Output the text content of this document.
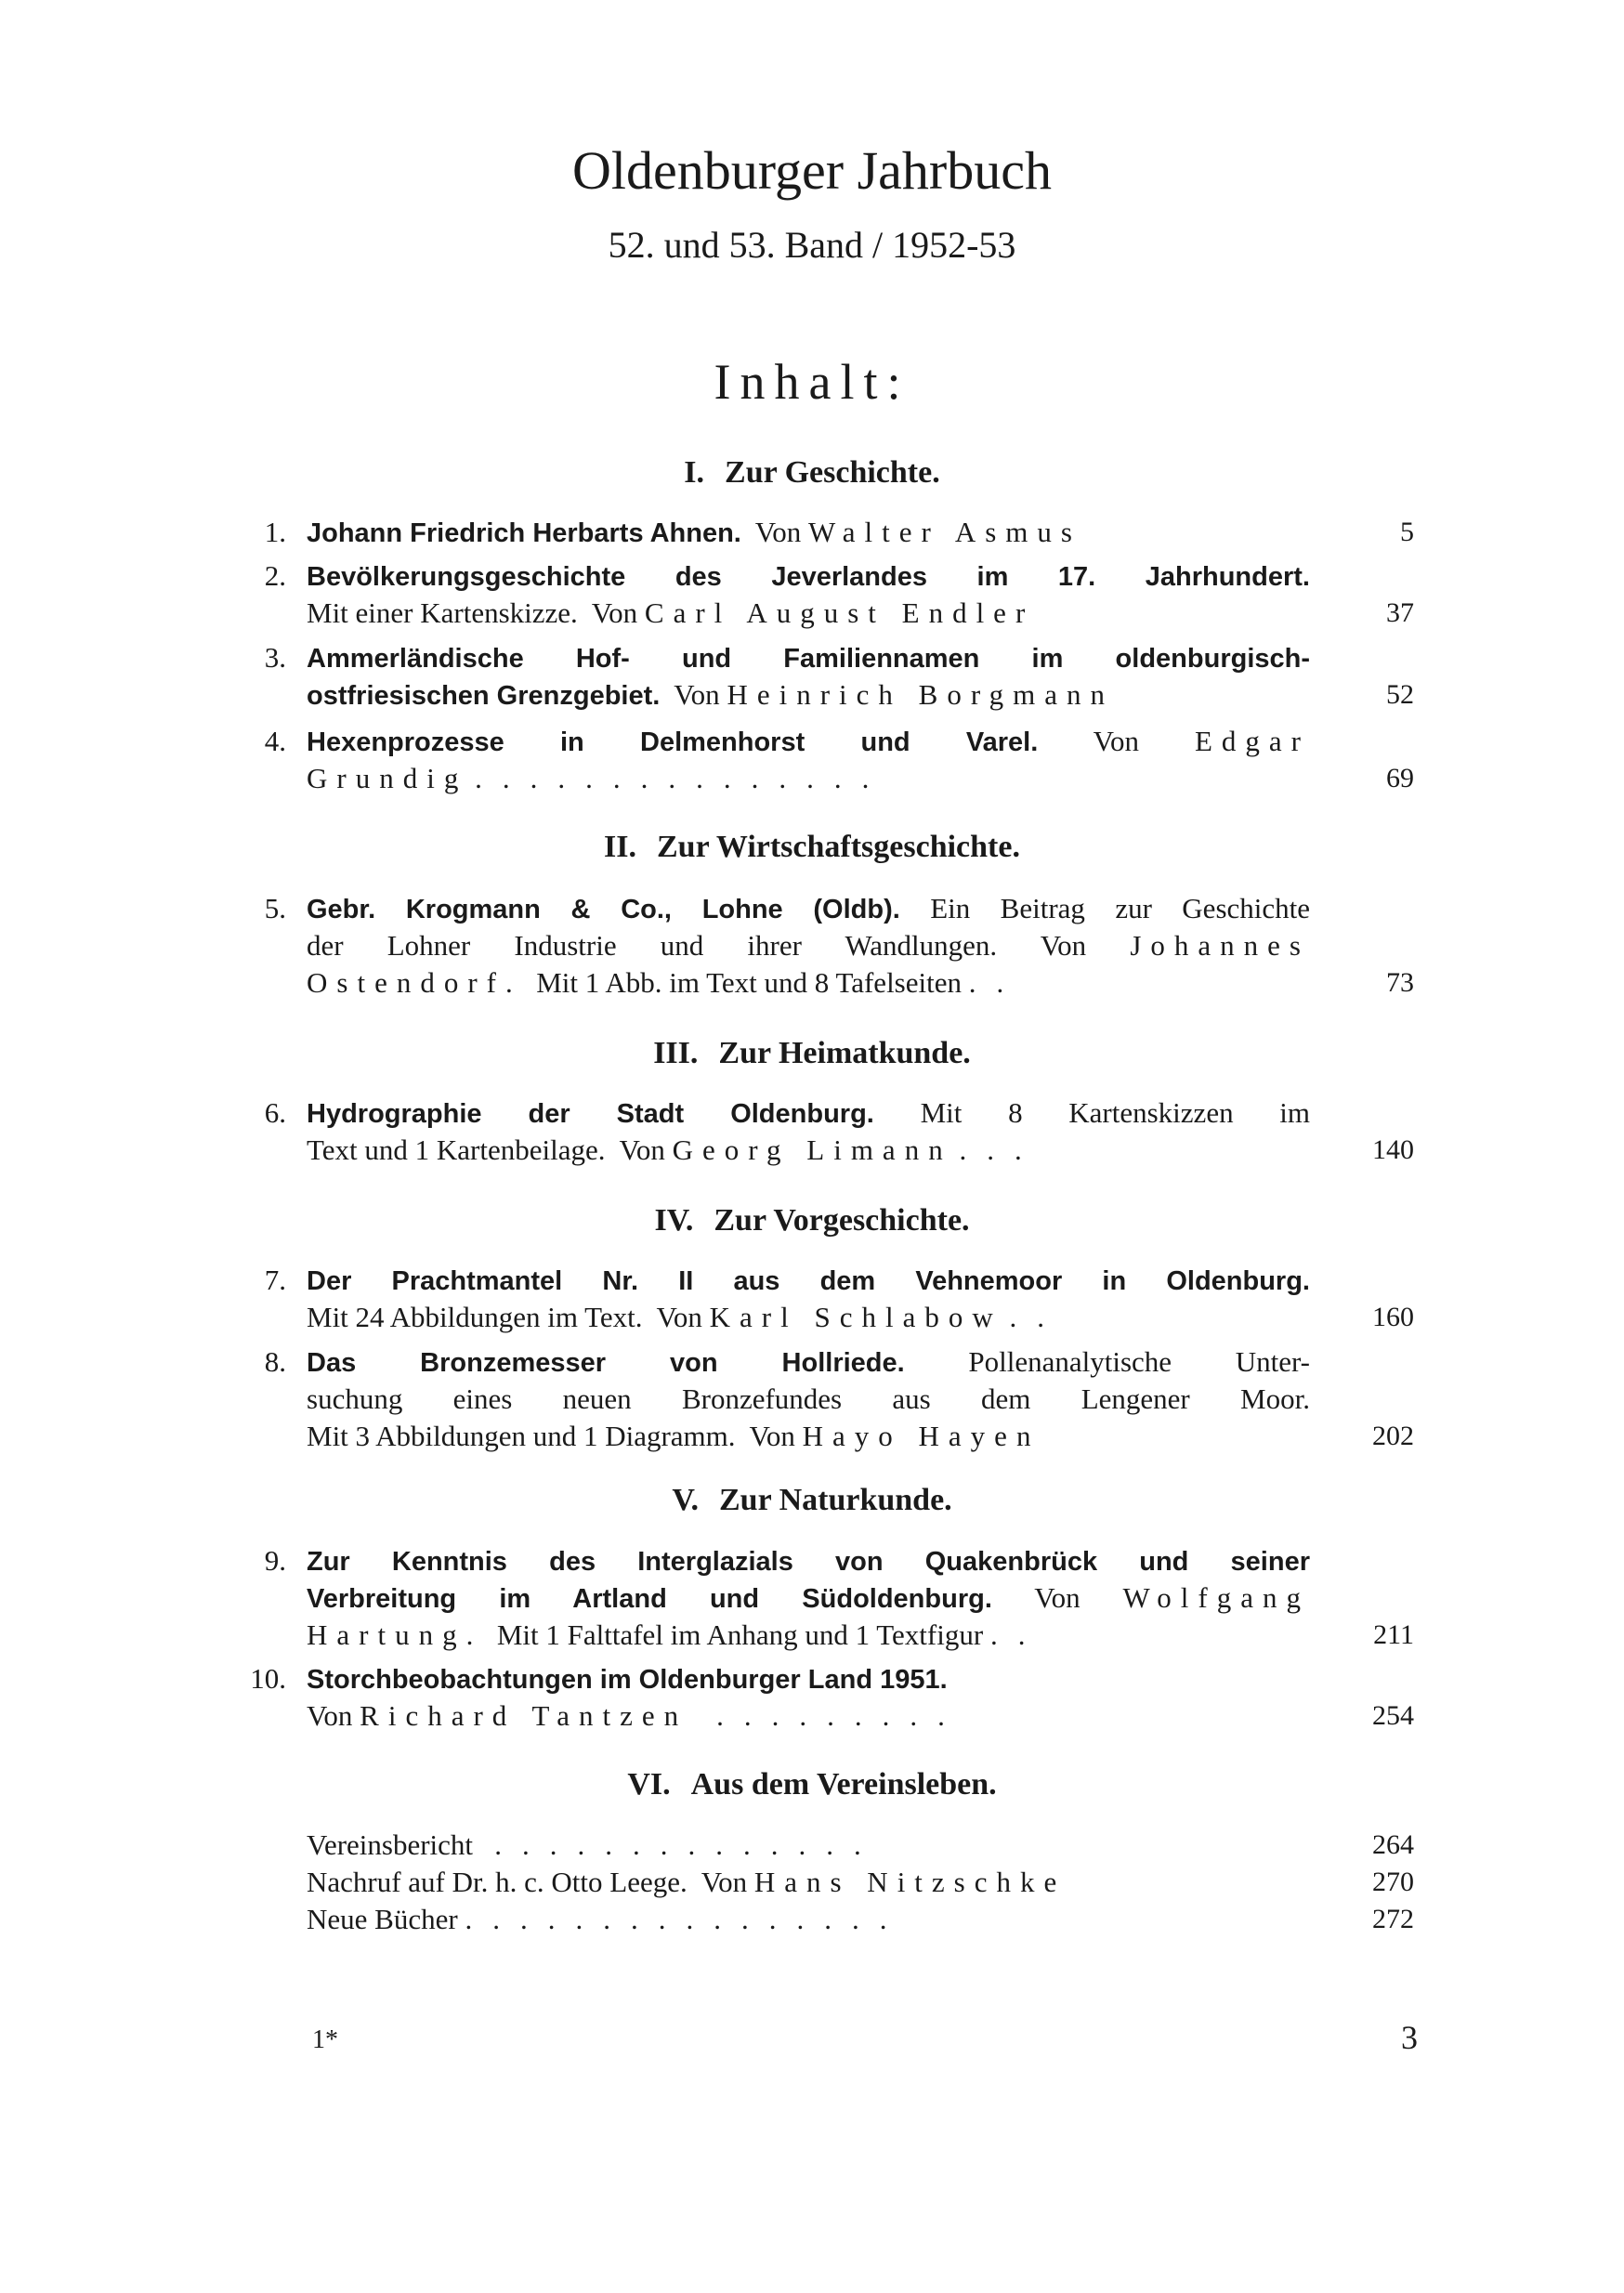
Oldenburger Jahrbuch
52. und 53. Band / 1952-53
Inhalt:
I. Zur Geschichte.
1. Johann Friedrich Herbarts Ahnen. Von Walter Asmus	5
2. Bevölkerungsgeschichte des Jeverlandes im 17. Jahrhundert.
Mit einer Kartenskizze. Von Carl August Endler	37
3. Ammerländische Hof- und Familiennamen im oldenburgisch-
ostfriesischen Grenzgebiet. Von Heinrich Borgmann	52
4. Hexenprozesse in Delmenhorst und Varel. Von Edgar
Grundig ...............	69
II. Zur Wirtschaftsgeschichte.
5. Gebr. Krogmann & Co., Lohne (Oldb). Ein Beitrag zur Geschichte
der Lohner Industrie und ihrer Wandlungen. Von Johannes
Ostendorf. Mit 1 Abb. im Text und 8 Tafelseiten ..	73
III. Zur Heimatkunde.
6. Hydrographie der Stadt Oldenburg. Mit 8 Kartenskizzen im
Text und 1 Kartenbeilage. Von Georg Limann ...	140
IV. Zur Vorgeschichte.
7. Der Prachtmantel Nr. II aus dem Vehnemoor in Oldenburg.
Mit 24 Abbildungen im Text. Von Karl Schlabow ..	160
8. Das Bronzemesser von Hollriede. Pollenanalytische Unter-
suchung eines neuen Bronzefundes aus dem Lengener Moor.
Mit 3 Abbildungen und 1 Diagramm. Von Hayo Hayen	202
V. Zur Naturkunde.
9. Zur Kenntnis des Interglazials von Quakenbrück und seiner
Verbreitung im Artland und Südoldenburg. Von Wolfgang
Hartung. Mit 1 Falttafel im Anhang und 1 Textfigur ..	211
10. Storchbeobachtungen im Oldenburger Land 1951.
Von Richard Tantzen .........	254
VI. Aus dem Vereinsleben.
Vereinsbericht ..............	264
Nachruf auf Dr. h. c. Otto Leege. Von Hans Nitzschke	270
Neue Bücher ................	272
1*	3
